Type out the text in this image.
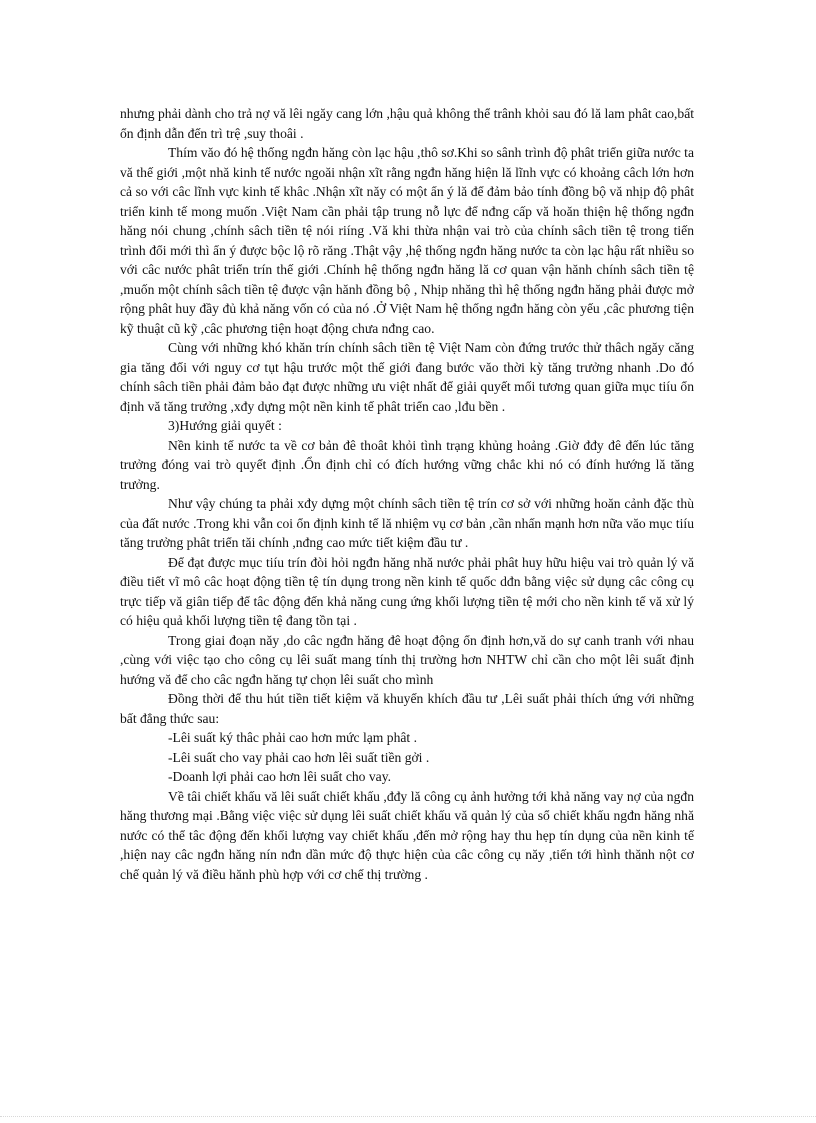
nhưng phải dành cho trả nợ vă lêi ngăy cang lớn ,hậu quả không thể trânh khỏi sau đó lă lam phât cao,bất ổn định dẫn đến trì trệ ,suy thoâi .

Thím văo đó hệ thống ngđn hăng còn lạc hậu ,thô sơ.Khi so sânh trình độ phât triển giữa nước ta vă thế giới ,một nhă kinh tế nước ngoăi nhận xĩt rằng ngđn hăng hiện lă lĩnh vực có khoảng câch lớn hơn cả so với câc lĩnh vực kinh tế khâc .Nhận xĩt năy có một ẩn ý lă để đảm bảo tính đồng bộ vă nhịp độ phât triển kinh tế mong muốn .Việt Nam cần phải tập trung nỗ lực để nđng cấp vă hoăn thiện hệ thống ngđn hăng nói chung ,chính sâch tiền tệ nói riíng .Vă khi thừa nhận vai trò của chính sâch tiền tệ trong tiến trình đổi mới thì ẩn ý được bộc lộ rõ răng .Thật vậy ,hệ thống ngđn hăng nước ta còn lạc hậu rất nhiều so với câc nước phât triển trín thế giới .Chính hệ thống ngđn hăng lă cơ quan vận hănh chính sâch tiền tệ ,muốn một chính sâch tiền tệ được vận hănh đồng bộ , Nhịp nhăng thì hệ thống ngđn hăng phải được mở rộng phât huy đầy đủ khả năng vốn có của nó .Ở Việt Nam hệ thống ngđn hăng còn yếu ,câc phương tiện kỹ thuật cũ kỹ ,câc phương tiện hoạt động chưa nđng cao.

Cùng với những khó khăn trín chính sâch tiền tệ Việt Nam còn đứng trước thử thâch ngăy căng gia tăng đối với nguy cơ tụt hậu trước một thế giới đang bước văo thời kỳ tăng trưởng nhanh .Do đó chính sâch tiền phải đảm bảo đạt được những ưu việt nhất để giải quyết mối tương quan giữa mục tiíu ổn định vă tăng trưởng ,xđy dựng một nền kinh tế phât triển cao ,lđu bền .

3)Hướng giải quyết :

Nền kinh tế nước ta về cơ bản đê thoât khỏi tình trạng khủng hoảng .Giờ đđy đê đến lúc tăng trưởng đóng vai trò quyết định .Ổn định chỉ có đích hướng vững chắc khi nó có đính hướng lă tăng trưởng.

Như vậy chúng ta phải xđy dựng một chính sâch tiền tệ trín cơ sở với những hoăn cảnh đặc thù của đất nước .Trong khi vẫn coi ổn định kinh tế lă nhiệm vụ cơ bản ,cần nhấn mạnh hơn nữa văo mục tiíu tăng trưởng phât triển tăi chính ,nđng cao mức tiết kiệm đầu tư .

Để đạt được mục tiíu trín đòi hỏi ngđn hăng nhă nước phải phât huy hữu hiệu vai trò quản lý vă điều tiết vĩ mô câc hoạt động tiền tệ tín dụng trong nền kinh tế quốc dđn bằng việc sử dụng câc công cụ trực tiếp vă giân tiếp để tâc động đến khả năng cung ứng khối lượng tiền tệ mới cho nền kinh tế vă xử lý có hiệu quả khối lượng tiền tệ đang tồn tại .

Trong giai đoạn năy ,do câc ngđn hăng đê hoạt động ổn định hơn,vă do sự canh tranh với nhau ,cùng với việc tạo cho công cụ lêi suất mang tính thị trường hơn NHTW chỉ cần cho một lêi suất định hướng vă để cho câc ngđn hăng tự chọn lêi suất cho mình

Đồng thời để thu hút tiền tiết kiệm vă khuyến khích đầu tư ,Lêi suất phải thích ứng với những bất đẳng thức sau:

-Lêi suất ký thâc phải cao hơn mức lạm phât .

-Lêi suất cho vay phải cao hơn lêi suất tiền gởi .

-Doanh lợi phải cao hơn lêi suất cho vay.

Về tâi chiết khấu vă lêi suất chiết khấu ,đđy lă công cụ ảnh hưởng tới khả năng vay nợ của ngđn hăng thương mại .Bằng việc việc sử dụng lêi suất chiết khấu vă quản lý của sổ chiết khấu ngđn hăng nhă nước có thể tâc động đến khối lượng vay chiết khấu ,đến mở rộng hay thu hẹp tín dụng của nền kinh tế ,hiện nay câc ngđn hăng nín nđn dần mức độ thực hiện của câc công cụ năy ,tiến tới hình thănh nột cơ chế quản lý vă điều hănh phù hợp với cơ chế thị trường .
